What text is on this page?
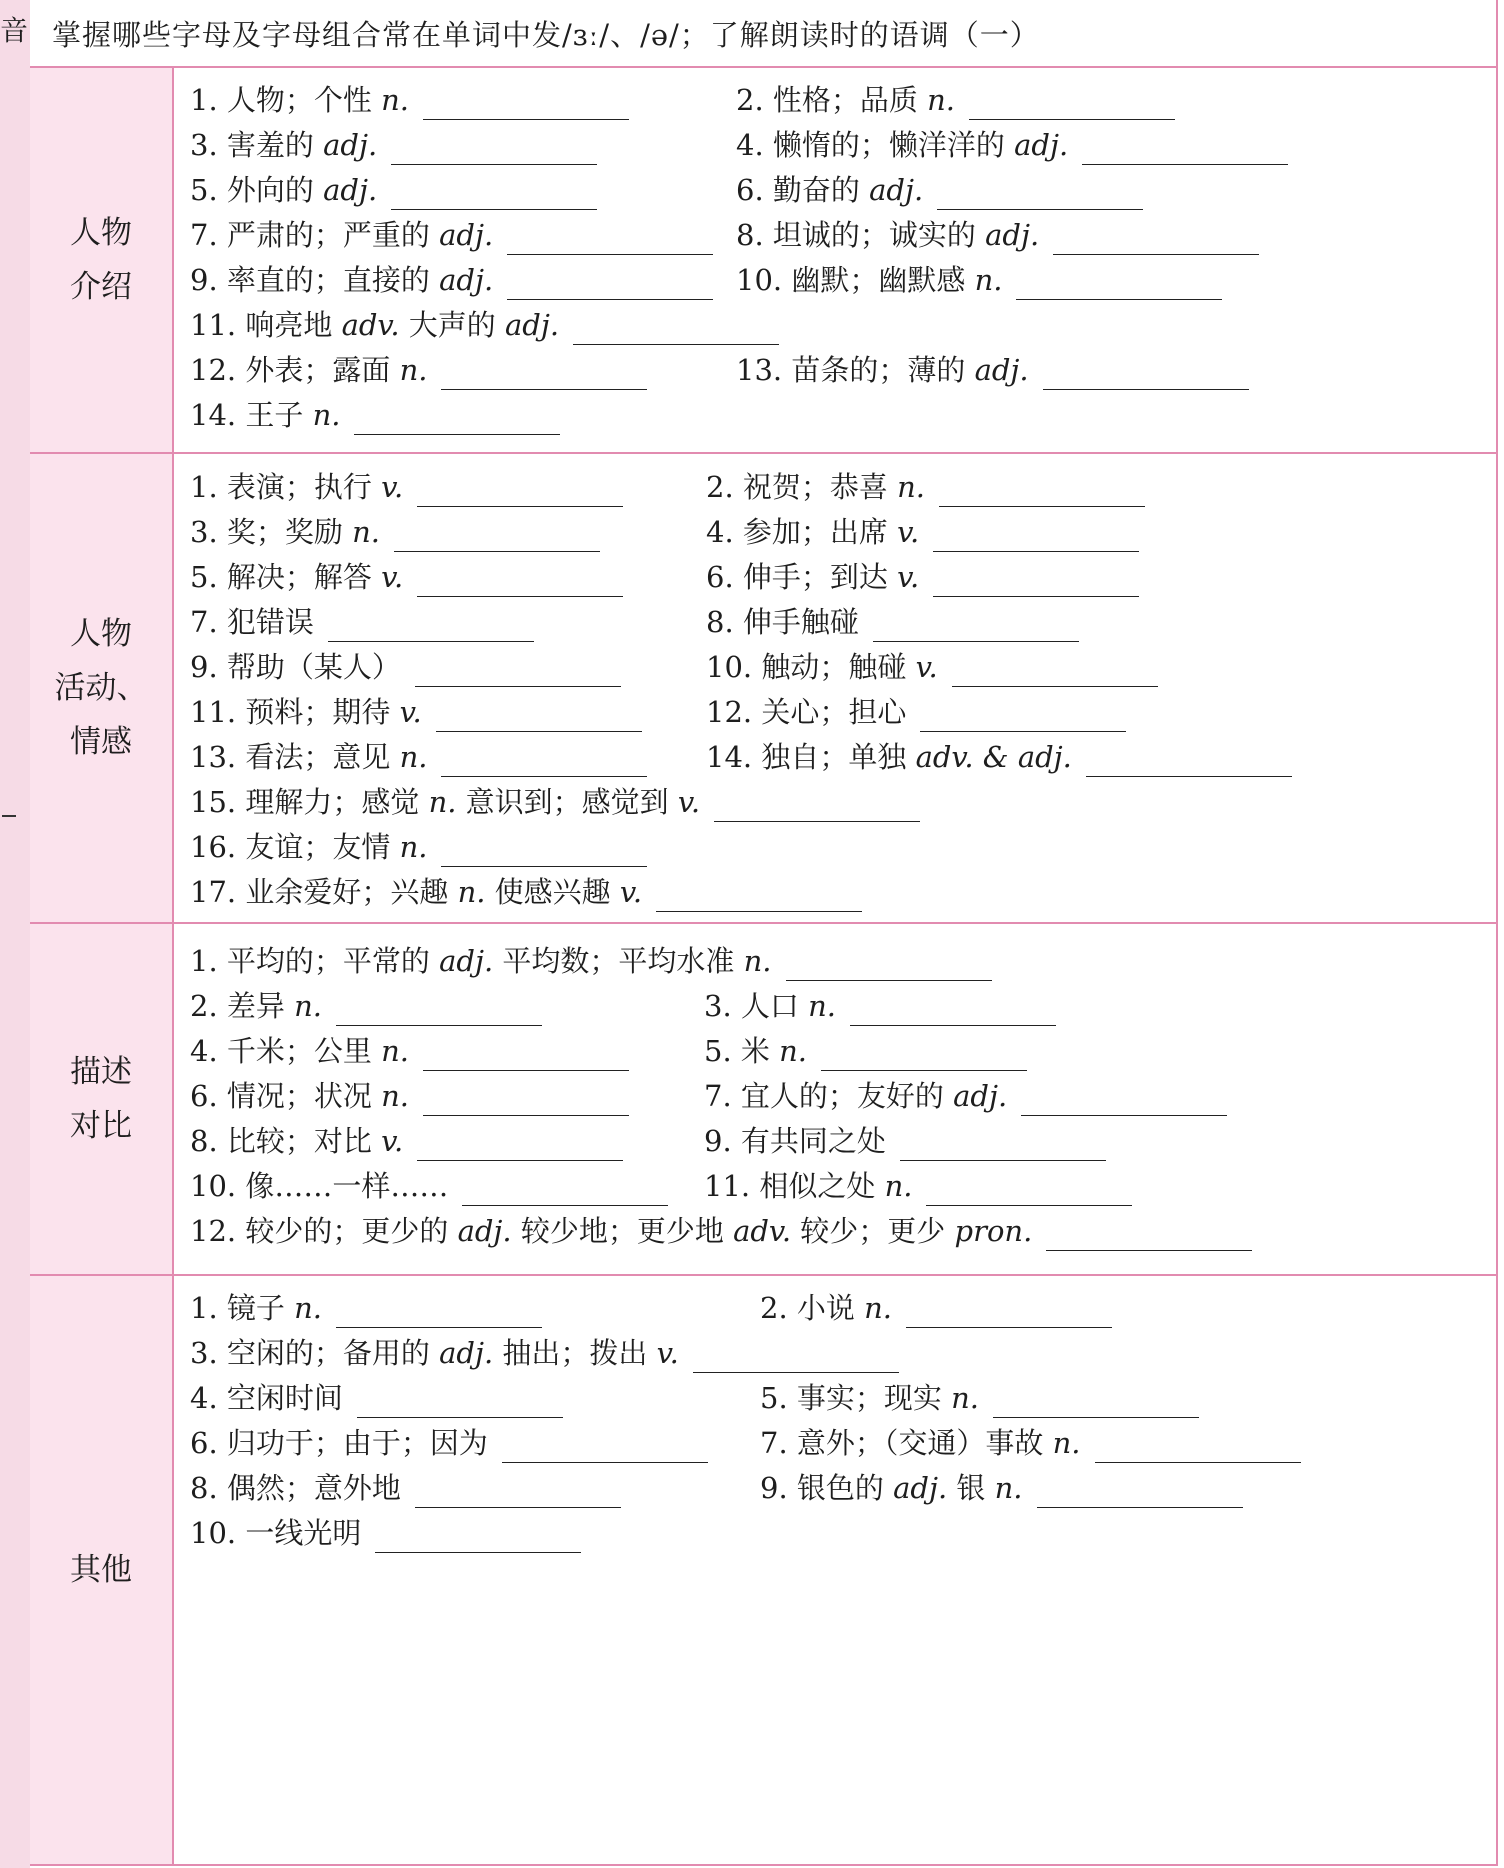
音 掌握哪些字母及字母组合常在单词中发/ɜː/、/ə/；了解朗读时的语调（一）
人物
介绍
1. 人物；个性 n.	2. 性格；品质 n.
3. 害羞的 adj.	4. 懒惰的；懒洋洋的 adj.
5. 外向的 adj.	6. 勤奋的 adj.
7. 严肃的；严重的 adj.	8. 坦诚的；诚实的 adj.
9. 率直的；直接的 adj.	10. 幽默；幽默感 n.
11. 响亮地 adv. 大声的 adj.
12. 外表；露面 n.	13. 苗条的；薄的 adj.
14. 王子 n.
人物
活动、
情感
1. 表演；执行 v.	2. 祝贺；恭喜 n.
3. 奖；奖励 n.	4. 参加；出席 v.
5. 解决；解答 v.	6. 伸手；到达 v.
7. 犯错误	8. 伸手触碰
9. 帮助（某人）	10. 触动；触碰 v.
11. 预料；期待 v.	12. 关心；担心
13. 看法；意见 n.	14. 独自；单独 adv. & adj.
15. 理解力；感觉 n. 意识到；感觉到 v.
16. 友谊；友情 n.
17. 业余爱好；兴趣 n. 使感兴趣 v.
描述
对比
1. 平均的；平常的 adj. 平均数；平均水准 n.
2. 差异 n.	3. 人口 n.
4. 千米；公里 n.	5. 米 n.
6. 情况；状况 n.	7. 宜人的；友好的 adj.
8. 比较；对比 v.	9. 有共同之处
10. 像……一样……	11. 相似之处 n.
12. 较少的；更少的 adj. 较少地；更少地 adv. 较少；更少 pron.
其他
1. 镜子 n.	2. 小说 n.
3. 空闲的；备用的 adj. 抽出；拨出 v.
4. 空闲时间	5. 事实；现实 n.
6. 归功于；由于；因为	7. 意外；（交通）事故 n.
8. 偶然；意外地	9. 银色的 adj. 银 n.
10. 一线光明
